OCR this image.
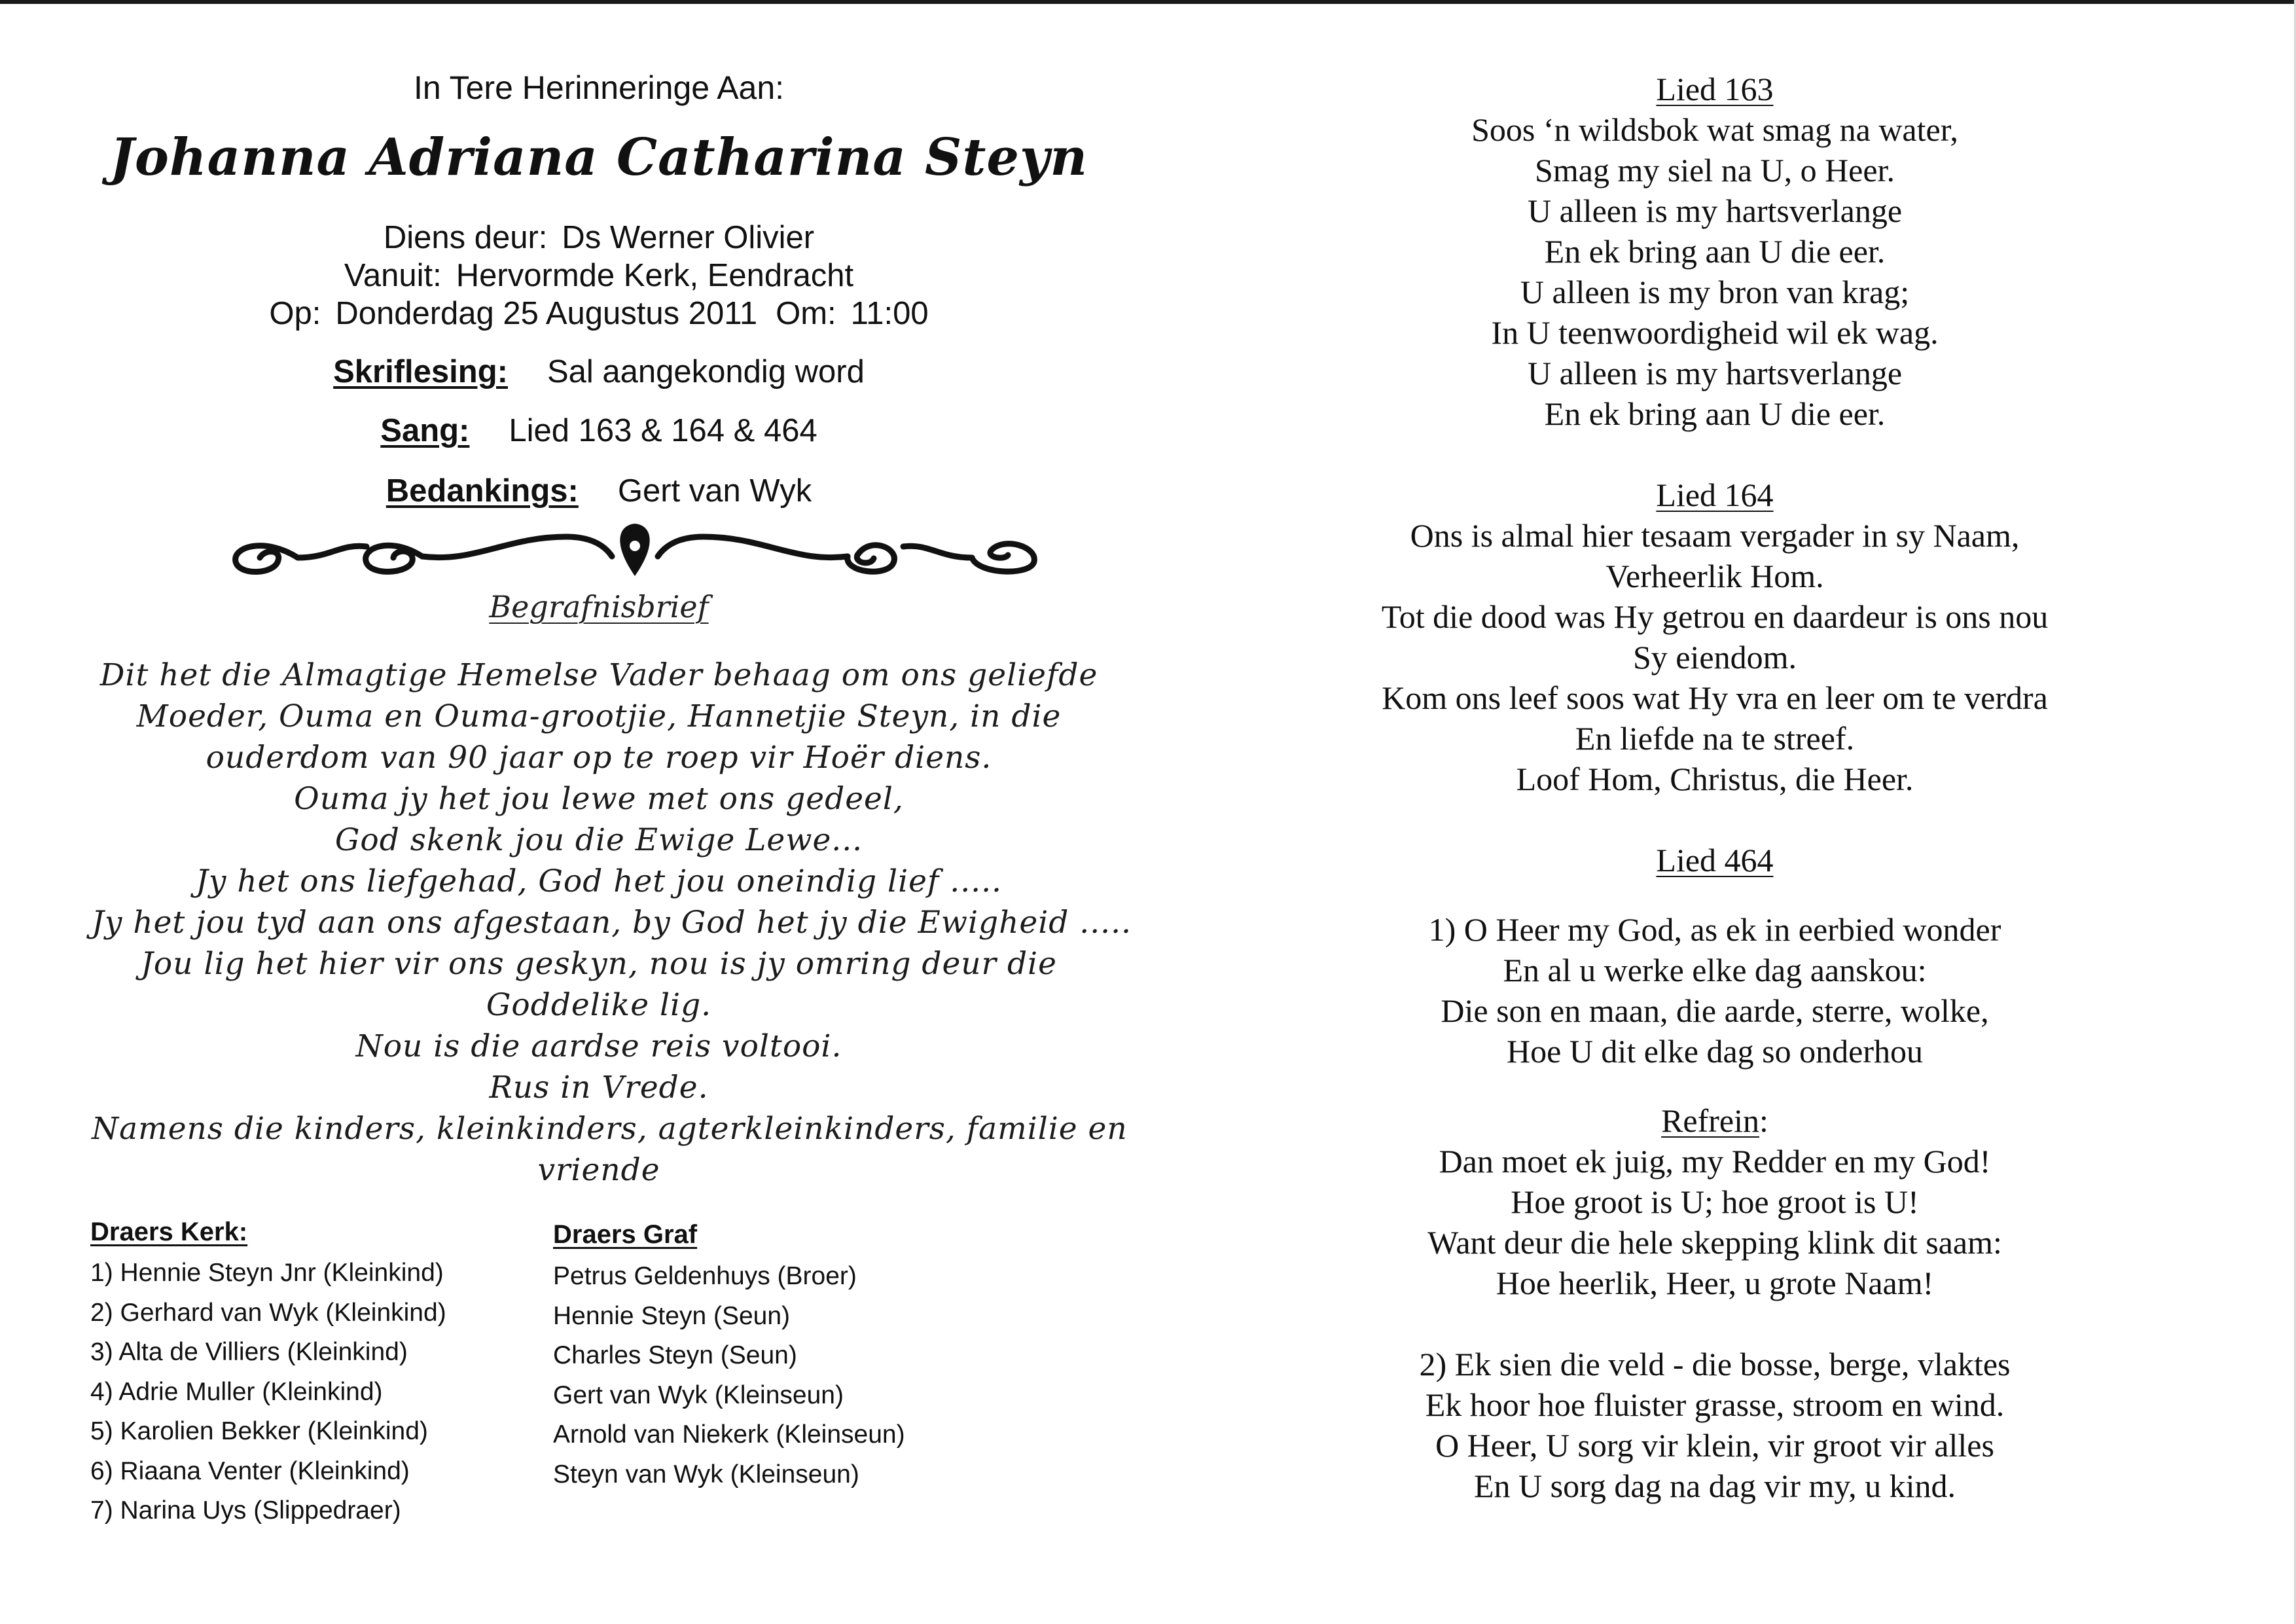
In Tere Herinneringe Aan:
Johanna Adriana Catharina Steyn
Diens deur: Ds Werner Olivier
Vanuit: Hervormde Kerk, Eendracht
Op: Donderdag 25 Augustus 2011 Om: 11:00
Skriflesing: Sal aangekondig word
Sang: Lied 163 & 164 & 464
Bedankings: Gert van Wyk
Begrafnisbrief
Dit het die Almagtige Hemelse Vader behaag om ons geliefde
Moeder, Ouma en Ouma-grootjie, Hannetjie Steyn, in die
ouderdom van 90 jaar op te roep vir Hoër diens.
Ouma jy het jou lewe met ons gedeel,
God skenk jou die Ewige Lewe...
Jy het ons liefgehad, God het jou oneindig lief .....
Jy het jou tyd aan ons afgestaan, by God het jy die Ewigheid .....
Jou lig het hier vir ons geskyn, nou is jy omring deur die
Goddelike lig.
Nou is die aardse reis voltooi.
Rus in Vrede.
Namens die kinders, kleinkinders, agterkleinkinders, familie en
vriende
Draers Kerk:
1) Hennie Steyn Jnr (Kleinkind)
2) Gerhard van Wyk (Kleinkind)
3) Alta de Villiers (Kleinkind)
4) Adrie Muller (Kleinkind)
5) Karolien Bekker (Kleinkind)
6) Riaana Venter (Kleinkind)
7) Narina Uys (Slippedraer)
Draers Graf
Petrus Geldenhuys (Broer)
Hennie Steyn (Seun)
Charles Steyn (Seun)
Gert van Wyk (Kleinseun)
Arnold van Niekerk (Kleinseun)
Steyn van Wyk (Kleinseun)
Lied 163
Soos ‘n wildsbok wat smag na water,
Smag my siel na U, o Heer.
U alleen is my hartsverlange
En ek bring aan U die eer.
U alleen is my bron van krag;
In U teenwoordigheid wil ek wag.
U alleen is my hartsverlange
En ek bring aan U die eer.
Lied 164
Ons is almal hier tesaam vergader in sy Naam,
Verheerlik Hom.
Tot die dood was Hy getrou en daardeur is ons nou
Sy eiendom.
Kom ons leef soos wat Hy vra en leer om te verdra
En liefde na te streef.
Loof Hom, Christus, die Heer.
Lied 464
1) O Heer my God, as ek in eerbied wonder
En al u werke elke dag aanskou:
Die son en maan, die aarde, sterre, wolke,
Hoe U dit elke dag so onderhou
Refrein:
Dan moet ek juig, my Redder en my God!
Hoe groot is U; hoe groot is U!
Want deur die hele skepping klink dit saam:
Hoe heerlik, Heer, u grote Naam!
2) Ek sien die veld - die bosse, berge, vlaktes
Ek hoor hoe fluister grasse, stroom en wind.
O Heer, U sorg vir klein, vir groot vir alles
En U sorg dag na dag vir my, u kind.
